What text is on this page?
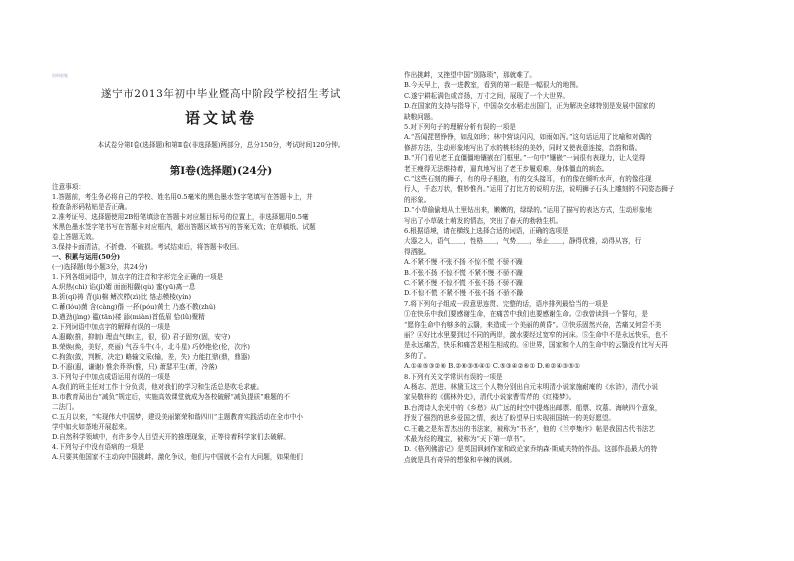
资料收集
遂宁市2013年初中毕业暨高中阶段学校招生考试
语文试卷
第Ⅰ卷(选择题)(24分)
本试卷分第Ⅰ卷(选择题)和第Ⅱ卷(非选择题)两部分，总分150分，考试时间120分钟。
注意事项：
1.答题前，考生务必将自己的学校、姓名用0.5毫米的黑色墨水签字笔填写在答题卡上，并
检查条形码粘贴是否正确。
2.准考证号、选择题使用2B铅笔填涂在答题卡对应题目标号的位置上，非选择题用0.5毫
米黑色墨水签字笔书写在答题卡对应框内，超出答题区域书写的答案无效；在草稿纸、试题
卷上答题无效。
3.保持卡面清洁，不折叠、不破损。考试结束后，将答题卡收回。
一、积累与运用(50分)
(一)选择题(每小题3分，共24分)
1.下列各组词语中，加点字的注音和字形完全正确的一项是
A.炽热(chì) 谄(jǐ)媚 面面相觑(qù) 蜜(yū)离一息
B.祈(qí)祷 背(jì)棉 鳍次栉(zì)比 恪忐模棱(yín)
C.蓄(lóu)菌 含(càng)偕 一抔(póu)黄土 乃惑不教(zhǔ)
D.遒劲(jìng) 褴(tān)褛 舔(miàn)首低眉 恰(lǜ)聚精
2.下列词语中加点字的解释有误的一项是
A.遐瞰(推，抑制) 理直气肆(主，很，很) 君子固穷(固，安守)
B.荣焕(焕，美好，亮丽) 气吞斗牛(斗，北斗星) 巧妙绝伦(伦，次序)
C.拘敛(敛，判断，决定) 略输文采(输，差，失) 力能扛鼎(鼎，鼎器)
D.不遐(遐，谦谢) 惟余莽莽(惟，只) 萧瑟平生(萧，冷落)
3.下列句子中加点成语运用有误的一项是
A.我们的班主任对工作十分负责，他对我们的学习和生活总是吹毛求疵。
B.市教育局出台“减负”规定后，实施高效课堂就成为各校破解“减负提质”难题的不
二法门。
C.五月以来，“实现伟大中国梦，建设美丽繁荣和谐四川”主题教育实践活动在全市中小
学中如火如荼地开展起来。
D.自然科学领域中，有许多令人目望天开的推理现象，正等待着科学家们去破解。
4.下列句子中没有语病的一项是
A.只要其他国家不主动向中国挑衅、激化争议，他们与中国就不会有大问题，如果他们
作出挑衅，又挫望中国“别陈琐”，那就难了。
B.今天早上，我一进教室，看到的第一眼是一幅很大的地图。
C.遂宁耕耘满色或音扬，万寸之间，展现了一个大世界。
D.在国家的支持与指导下，中国杂交水稻走出国门，正为解决全球特别是发展中国家的
缺粮问题。
5.对下列句子的理解分析有误的一项是
A.“吾闻琵琶铮铮，如乱如珍；林中营谈闪闪，如雨如泻。”这句话运用了比喻和对偶的
修辞方法，生动形象地写出了水的桃杉轻的美妙，同时又使表意连接，音韵和谐。
B.“开门看见老王直僵僵地镶嵌在门框里。”一句中“镶嵌”一词很有表现力，让人觉得
老王瘦得无法维持着，逼真地写出了老王步履艰难，身体僵直的病态。
C.“这些石刻的狮子，有的母子相抱，有的交头接耳，有的像在倾听水声，有的像往现
行人，千态万状，惟妙惟肖。”运用了打比方的说明方法，说明狮子石头上雕刻的不同姿态狮子
的形象。
D.“小草偷偷地从土里钻出来，嫩嫩的，绿绿的。”运用了描写的表达方式，生动形象地
写出了小草破土萌发的情态，突出了春天的勃勃生机。
6.根据语境，请在横线上选择合适的词语，正确的选项是
大器之人，语气＿＿，性格＿＿，气势＿＿，举止＿＿，静得优雅，动得从容，行
得洒脱。
A.不紧不慢 不张不扬 不惊不慌 不骄不躁
B.不张不扬 不惊不慌 不紧不慢 不骄不躁
C.不紧不慢 不惊不慌 不张不扬 不骄不躁
D.不惊不慌 不紧不慢 不张不扬 不骄不躁
7.将下列句子组成一段意思连贯、完整的话，语序排列最恰当的一项是
①在快乐中我们要感谢生命，在痛苦中我们也要感谢生命。②我曾读到一个誓句，是
“愿你生命中有够多的云翳，来造成一个美丽的黄昏”。③快乐固然兴奋，苦痛又何尝不美
丽？④好比水里要到过不同的两岸，激水要经过宽窄的河床。⑤生命中不是永远快乐，也不
是永远痛苦，快乐和痛苦是相生相成的。⑥世界，国家和个人的生命中的云翳没有比写天再
多的了。
A.①④⑤③②⑥ B.②⑥③⑤④① C.⑤③④②⑥① D.⑥②④③⑤①
8.下列有关文学常识有误的一项是
A.杨志、范进、林黛玉这三个人物分别出自元末明清小说家施耐庵的《水浒》，清代小说
家吴敬梓的《儒林外史》，清代小说家曹雪芹的《红楼梦》。
B.台湾诗人余光中的《乡愁》从广远的时空中提炼出邮票、船票、坟墓、海峡四个意象，
抒发了强烈的思乡爱国之情，表达了盼望早日实现祖国统一的美好愿望。
C.王羲之是东晋杰出的书法家，被称为“书圣”，他的《兰亭集序》帖是我国古代书法艺
术最为经的瑰宝，被称为“天下第一草书”。
D.《格列佛游记》是英国讽刺作家和政论家乔纳森·斯威夫特的作品。这部作品最大的特
点就是具有奇异的想象和辛辣的讽刺。
